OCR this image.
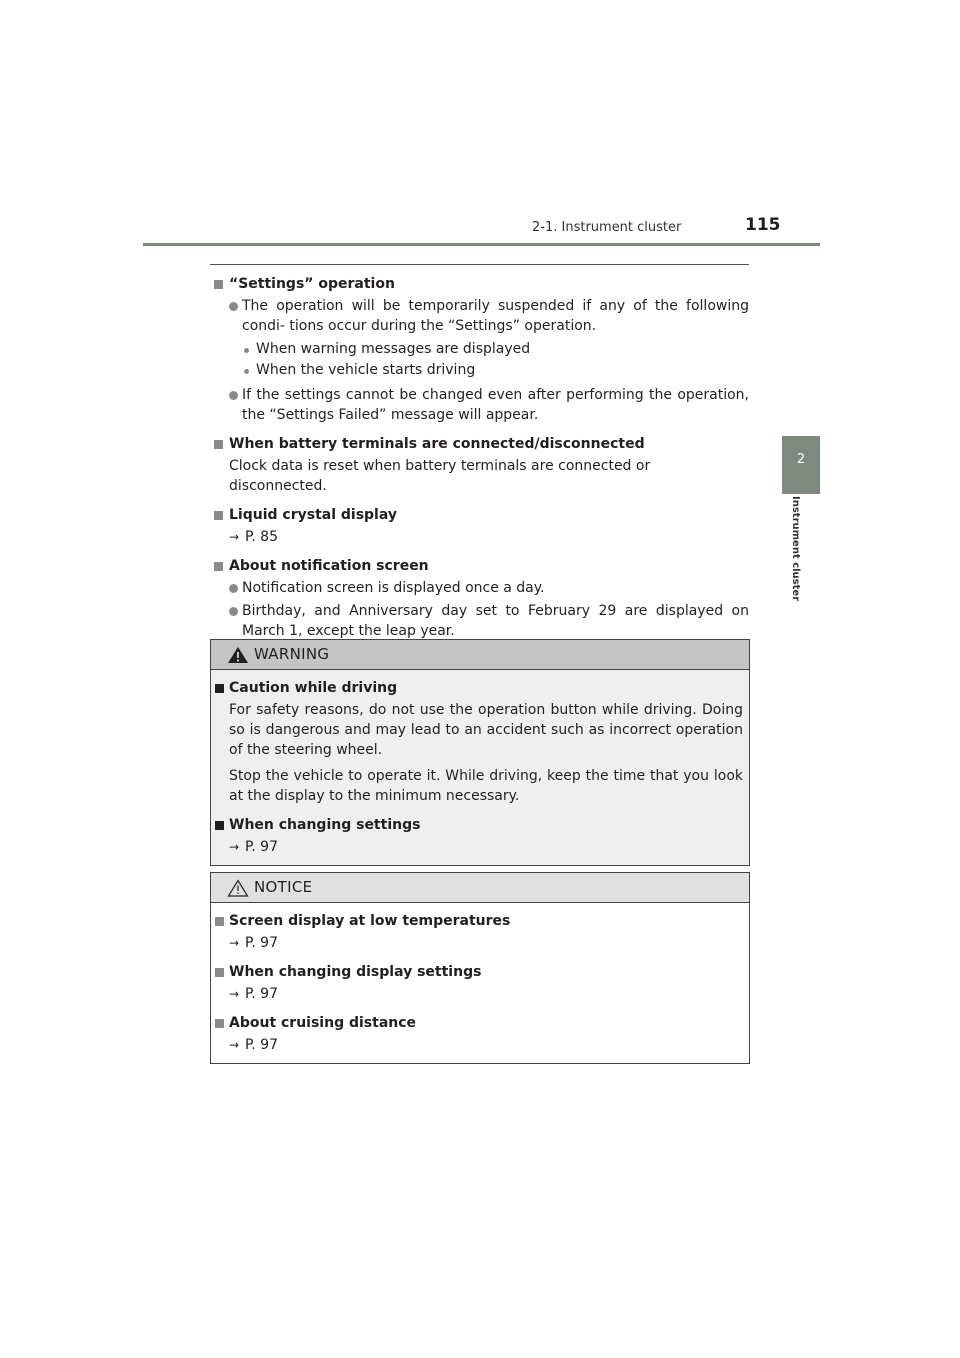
2-1. Instrument cluster	115
2
Instrument cluster
“Settings” operation
The operation will be temporarily suspended if any of the following condi- tions occur during the “Settings” operation.
When warning messages are displayed
When the vehicle starts driving
If the settings cannot be changed even after performing the operation, the “Settings Failed” message will appear.
When battery terminals are connected/disconnected
Clock data is reset when battery terminals are connected or disconnected.
Liquid crystal display
→ P. 85
About notification screen
Notification screen is displayed once a day.
Birthday, and Anniversary day set to February 29 are displayed on March 1, except the leap year.
WARNING
Caution while driving
For safety reasons, do not use the operation button while driving. Doing so is dangerous and may lead to an accident such as incorrect operation of the steering wheel.
Stop the vehicle to operate it. While driving, keep the time that you look at the display to the minimum necessary.
When changing settings
→ P. 97
NOTICE
Screen display at low temperatures
→ P. 97
When changing display settings
→ P. 97
About cruising distance
→ P. 97
